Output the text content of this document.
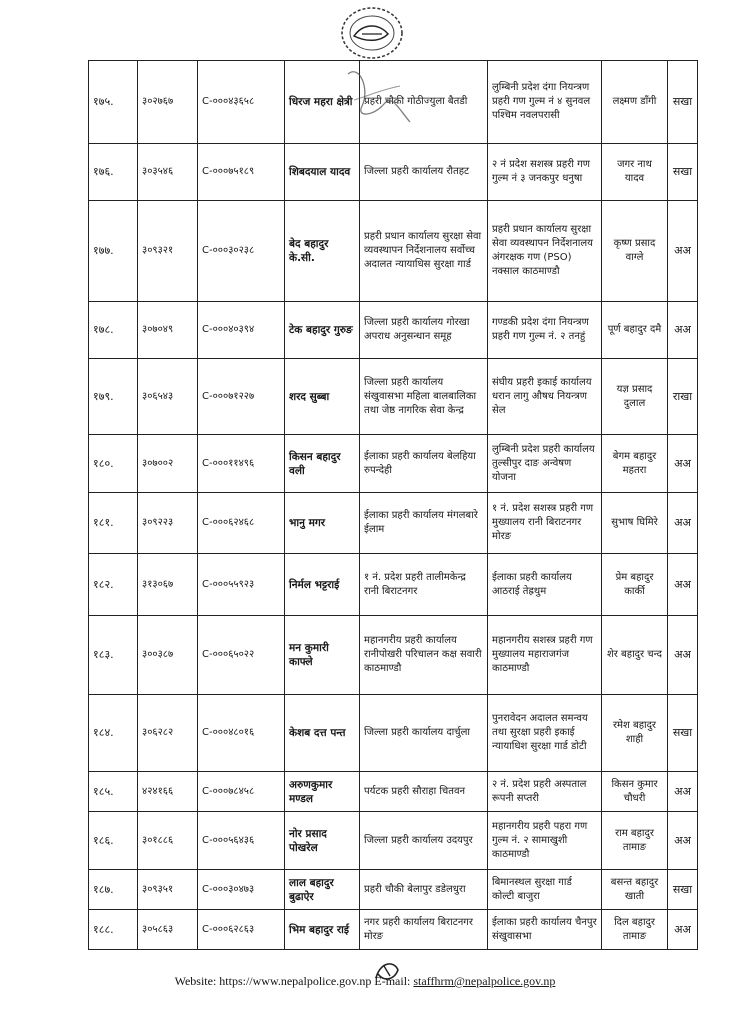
१७५.	३०२७६७	C-०००४३६५८	धिरज महरा क्षेत्री	प्रहरी चौकी गोठीज्युला बैतडी	लुम्बिनी प्रदेश दंगा नियन्त्रण प्रहरी गण गुल्म नं ४ सुनवल पश्चिम नवलपरासी	लक्ष्मण डाँगी	सखा
१७६.	३०३५४६	C-०००७५१८९	शिबदयाल यादव	जिल्ला प्रहरी कार्यालय रौतहट	२ नं प्रदेश सशस्त्र प्रहरी गण गुल्म नं ३ जनकपुर धनुषा	जगर नाथ यादव	सखा
१७७.	३०९३२१	C-०००३०२३८	बेद बहादुर के.सी.	प्रहरी प्रधान कार्यालय सुरक्षा सेवा व्यवस्थापन निर्देशनालय सर्वोच्च अदालत न्यायाधिस सुरक्षा गार्ड	प्रहरी प्रधान कार्यालय सुरक्षा सेवा व्यवस्थापन निर्देशनालय अंगरक्षक गण (PSO) नक्साल काठमाण्डौ	कृष्ण प्रसाद वाग्ले	अअ
१७८.	३०७०४९	C-०००४०३९४	टेक बहादुर गुरुङ	जिल्ला प्रहरी कार्यालय गोरखा अपराध अनुसन्धान समूह	गण्डकी प्रदेश दंगा नियन्त्रण प्रहरी गण गुल्म नं. २ तनहुं	पूर्ण बहादुर दमै	अअ
१७९.	३०६५४३	C-०००७१२२७	शरद सुब्बा	जिल्ला प्रहरी कार्यालय संखुवासभा महिला बालबालिका तथा जेष्ठ नागरिक सेवा केन्द्र	संघीय प्रहरी इकाई कार्यालय धरान लागु औषध नियन्त्रण सेल	यज्ञ प्रसाद दुलाल	राखा
१८०.	३०७००२	C-०००११४९६	किसन बहादुर वली	ईलाका प्रहरी कार्यालय बेलहिया रुपन्देही	लुम्बिनी प्रदेश प्रहरी कार्यालय तुल्सीपुर दाङ अन्वेषण योजना	बेगम बहादुर महतरा	अअ
१८१.	३०९२२३	C-०००६२४६८	भानु मगर	ईलाका प्रहरी कार्यालय मंगलबारे ईलाम	१ नं. प्रदेश सशस्त्र प्रहरी गण मुख्यालय रानी बिराटनगर मोरङ	सुभाष घिमिरे	अअ
१८२.	३१३०६७	C-०००५५९२३	निर्मल भट्टराई	१ नं. प्रदेश प्रहरी तालीमकेन्द्र रानी बिराटनगर	ईलाका प्रहरी कार्यालय आठराई तेह्रथुम	प्रेम बहादुर कार्की	अअ
१८३.	३००३८७	C-०००६५०२२	मन कुमारी काफ्ले	महानगरीय प्रहरी कार्यालय रानीपोखरी परिचालन कक्ष सवारी काठमाण्डौ	महानगरीय सशस्त्र प्रहरी गण मुख्यालय महाराजगंज काठमाण्डौ	शेर बहादुर चन्द	अअ
१८४.	३०६२८२	C-०००४८०१६	केशब दत्त पन्त	जिल्ला प्रहरी कार्यालय दार्चुला	पुनरावेदन अदालत समन्वय तथा सुरक्षा प्रहरी इकाई न्यायाधिश सुरक्षा गार्ड डोटी	रमेश बहादुर शाही	सखा
१८५.	४२४१६६	C-०००७८४५८	अरुणकुमार मण्डल	पर्यटक प्रहरी सौराहा चितवन	२ नं. प्रदेश प्रहरी अस्पताल रूपनी सप्तरी	किसन कुमार चौधरी	अअ
१८६.	३०१८८६	C-०००५६४३६	नोर प्रसाद पोखरेल	जिल्ला प्रहरी कार्यालय उदयपुर	महानगरीय प्रहरी पहरा गण गुल्म नं. २ सामाखुशी काठमाण्डौ	राम बहादुर तामाङ	अअ
१८७.	३०९३५१	C-०००३०४७३	लाल बहादुर बुढाऐर	प्रहरी चौकी बेलापुर डडेलधुरा	बिमानस्थल सुरक्षा गार्ड कोल्टी बाजुरा	बसन्त बहादुर खाती	सखा
१८८.	३०५८६३	C-०००६२८६३	भिम बहादुर राई	नगर प्रहरी कार्यालय बिराटनगर मोरङ	ईलाका प्रहरी कार्यालय चैनपुर संखुवासभा	दिल बहादुर तामाङ	अअ
Website: https://www.nepalpolice.gov.np E-mail: staffhrm@nepalpolice.gov.np
